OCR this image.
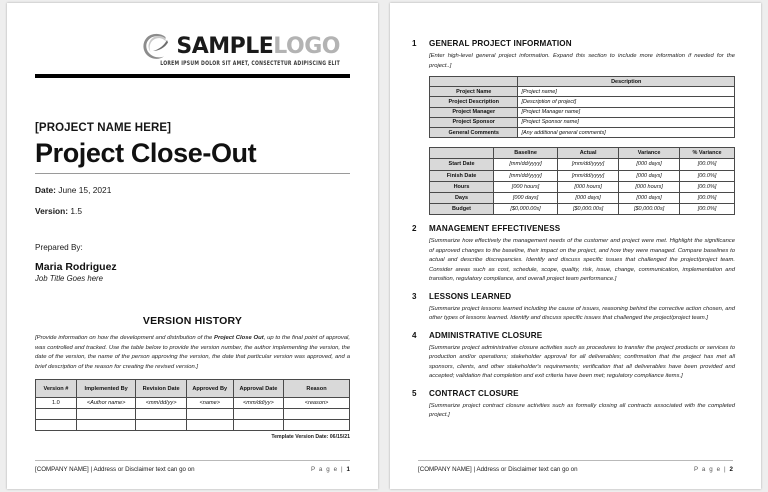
SAMPLELOGO
LOREM IPSUM DOLOR SIT AMET, CONSECTETUR ADIPISCING ELIT
[PROJECT NAME HERE]
Project Close-Out
Date: June 15, 2021
Version: 1.5
Prepared By:
Maria Rodriguez
Job Title Goes here
VERSION HISTORY
[Provide information on how the development and distribution of the Project Close Out, up to the final point of approval, was controlled and tracked. Use the table below to provide the version number, the author implementing the version, the date of the version, the name of the person approving the version, the date that particular version was approved, and a brief description of the reason for creating the revised version.]
Version #	Implemented By	Revision Date	Approved By	Approval Date	Reason
1.0	<Author name>	<mm/dd/yy>	<name>	<mm/dd/yy>	<reason>

Template Version Date: 06/15/21
[COMPANY NAME] | Address or Disclaimer text can go on	P a g e | 1
1	GENERAL PROJECT INFORMATION
[Enter high-level general project information. Expand this section to include more information if needed for the project..]
	Description
Project Name	[Project name]
Project Description	[Description of project]
Project Manager	[Project Manager name]
Project Sponsor	[Project Sponsor name]
General Comments	[Any additional general comments]
	Baseline	Actual	Variance	% Variance
Start Date	[mm/dd/yyyy]	[mm/dd/yyyy]	[000 days]	[00.0%]
Finish Date	[mm/dd/yyyy]	[mm/dd/yyyy]	[000 days]	[00.0%]
Hours	[000 hours]	[000 hours]	[000 hours]	[00.0%]
Days	[000 days]	[000 days]	[000 days]	[00.0%]
Budget	[$0,000.00s]	[$0,000.00s]	[$0,000.00s]	[00.0%]
2	MANAGEMENT EFFECTIVENESS
[Summarize how effectively the management needs of the customer and project were met. Highlight the significance of approved changes to the baseline, their impact on the project, and how they were managed. Compare baselines to actual and describe discrepancies. Identify and discuss specific issues that challenged the project/project team. Consider areas such as cost, schedule, scope, quality, risk, issue, change, communication, implementation and transition, regulatory compliance, and overall project team performance.]
3	LESSONS LEARNED
[Summarize project lessons learned including the cause of issues, reasoning behind the corrective action chosen, and other types of lessons learned. Identify and discuss specific issues that challenged the project/project team.]
4	ADMINISTRATIVE CLOSURE
[Summarize project administrative closure activities such as procedures to transfer the project products or services to production and/or operations; stakeholder approval for all deliverables; confirmation that the project has met all sponsors, clients, and other stakeholder's requirements; verification that all deliverables have been provided and accepted; validation that completion and exit criteria have been met; regulatory compliance items.]
5	CONTRACT CLOSURE
[Summarize project contract closure activities such as formally closing all contracts associated with the completed project.]
[COMPANY NAME] | Address or Disclaimer text can go on	P a g e | 2
